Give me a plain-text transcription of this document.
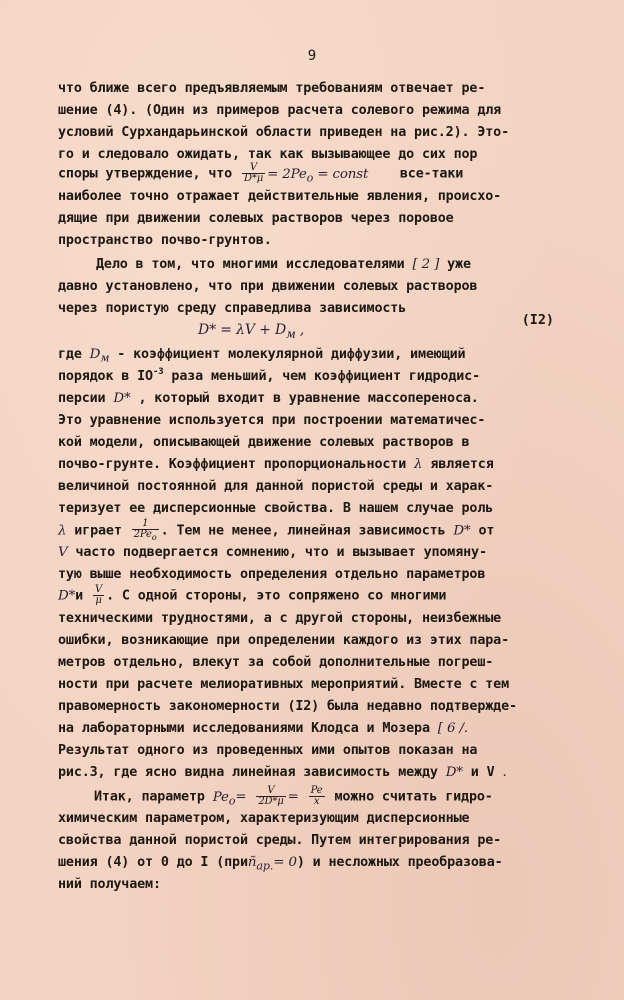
9
что ближе всего предъявляемым требованиям отвечает ре-
шение (4). (Один из примеров расчета солевого режима для
условий Сурхандарьинской области приведен на рис.2). Это-
го и следовало ожидать, так как вызывающее до сих пор
споры утверждение, что $\frac{V}{D*\mu} = 2Pe_o$ = const все-таки
наиболее точно отражает действительные явления, происхо-
дящие при движении солевых растворов через поровое
пространство почво-грунтов.
Дело в том, что многими исследователями [ 2 ] уже
давно установлено, что при движении солевых растворов
через пористую среду справедлива зависимость
$D* = \lambda V + D_м$ ,
(I2)
где $D_м$ - коэффициент молекулярной диффузии, имеющий
порядок в $IO^{-3}$ раза меньший, чем коэффициент гидродис-
персии D* , который входит в уравнение массопереноса.
Это уравнение используется при построении математичес-
кой модели, описывающей движение солевых растворов в
почво-грунте. Коэффициент пропорциональности λ является
величиной постоянной для данной пористой среды и харак-
теризует ее дисперсионные свойства. В нашем случае роль
λ играет $\frac{1}{2Pe_o}$ . Тем не менее, линейная зависимость D* от
V часто подвергается сомнению, что и вызывает упомяну-
тую выше необходимость определения отдельно параметров
$D*и \frac{V}{\mu}$ . С одной стороны, это сопряжено со многими
техническими трудностями, а с другой стороны, неизбежные
ошибки, возникающие при определении каждого из этих пара-
метров отдельно, влекут за собой дополнительные погреш-
ности при расчете мелиоративных мероприятий. Вместе с тем
правомерность закономерности (I2) была недавно подтвержде-
на лабораторными исследованиями Клодса и Мозера [ 6 /.
Результат одного из проведенных ими опытов показан на
рис.3, где ясно видна линейная зависимость между D* и V .
Итак, параметр $Pe_o= \frac{V}{2D*\mu} = \frac{Pe}{x}$ можно считать гидро-
химическим параметром, характеризующим дисперсионные
свойства данной пористой среды. Путем интегрирования ре-
шения (4) от 0 до I (приñ$_{ар.}$= 0) и несложных преобразова-
ний получаем:
